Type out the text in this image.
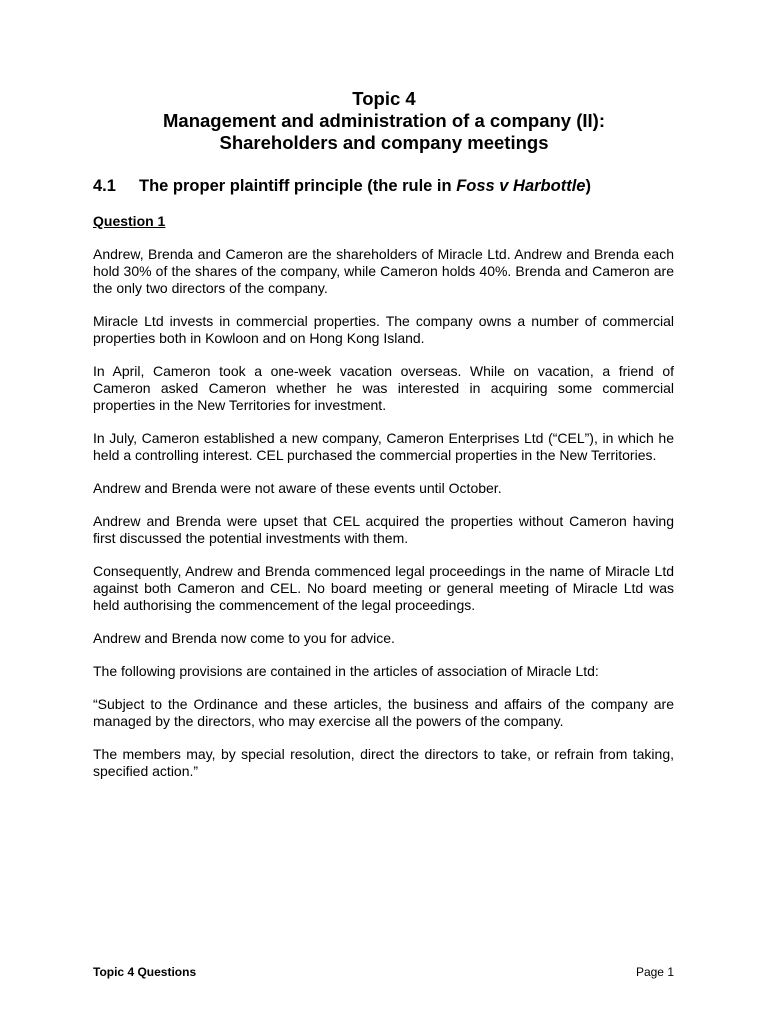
Topic 4
Management and administration of a company (II):
Shareholders and company meetings
4.1 The proper plaintiff principle (the rule in Foss v Harbottle)
Question 1

Andrew, Brenda and Cameron are the shareholders of Miracle Ltd. Andrew and Brenda each hold 30% of the shares of the company, while Cameron holds 40%. Brenda and Cameron are the only two directors of the company.

Miracle Ltd invests in commercial properties. The company owns a number of commercial properties both in Kowloon and on Hong Kong Island.

In April, Cameron took a one-week vacation overseas. While on vacation, a friend of Cameron asked Cameron whether he was interested in acquiring some commercial properties in the New Territories for investment.

In July, Cameron established a new company, Cameron Enterprises Ltd (“CEL”), in which he held a controlling interest. CEL purchased the commercial properties in the New Territories.

Andrew and Brenda were not aware of these events until October.

Andrew and Brenda were upset that CEL acquired the properties without Cameron having first discussed the potential investments with them.

Consequently, Andrew and Brenda commenced legal proceedings in the name of Miracle Ltd against both Cameron and CEL. No board meeting or general meeting of Miracle Ltd was held authorising the commencement of the legal proceedings.

Andrew and Brenda now come to you for advice.

The following provisions are contained in the articles of association of Miracle Ltd:

“Subject to the Ordinance and these articles, the business and affairs of the company are managed by the directors, who may exercise all the powers of the company.

The members may, by special resolution, direct the directors to take, or refrain from taking, specified action.”

Topic 4 Questions	Page 1
